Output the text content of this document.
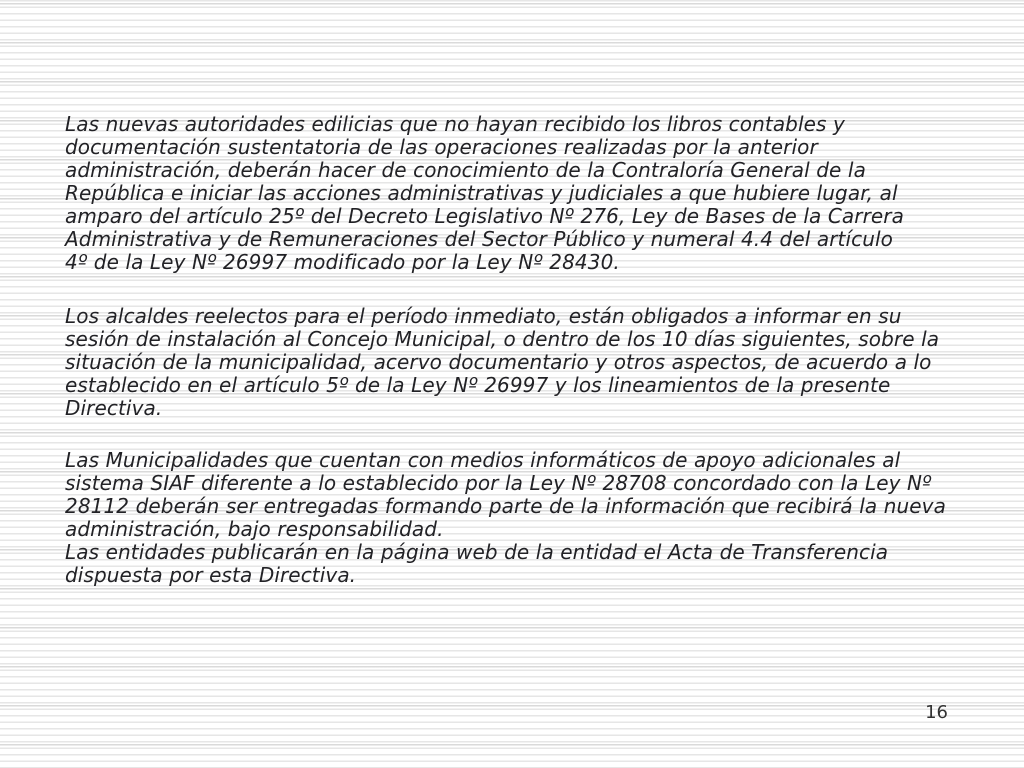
Las nuevas autoridades edilicias que no hayan recibido los libros contables y
documentación sustentatoria de las operaciones realizadas por la anterior
administración, deberán hacer de conocimiento de la Contraloría General de la
República e iniciar las acciones administrativas y judiciales a que hubiere lugar, al
amparo del artículo 25º del Decreto Legislativo Nº 276, Ley de Bases de la Carrera
Administrativa y de Remuneraciones del Sector Público y numeral 4.4 del artículo
4º de la Ley Nº 26997 modificado por la Ley Nº 28430.
Los alcaldes reelectos para el período inmediato, están obligados a informar en su
sesión de instalación al Concejo Municipal, o dentro de los 10 días siguientes, sobre la
situación de la municipalidad, acervo documentario y otros aspectos, de acuerdo a lo
establecido en el artículo 5º de la Ley Nº 26997 y los lineamientos de la presente
Directiva.
Las Municipalidades que cuentan con medios informáticos de apoyo adicionales al
sistema SIAF diferente a lo establecido por la Ley Nº 28708 concordado con la Ley Nº
28112 deberán ser entregadas formando parte de la información que recibirá la nueva
administración, bajo responsabilidad.
Las entidades publicarán en la página web de la entidad el Acta de Transferencia
dispuesta por esta Directiva.
16
